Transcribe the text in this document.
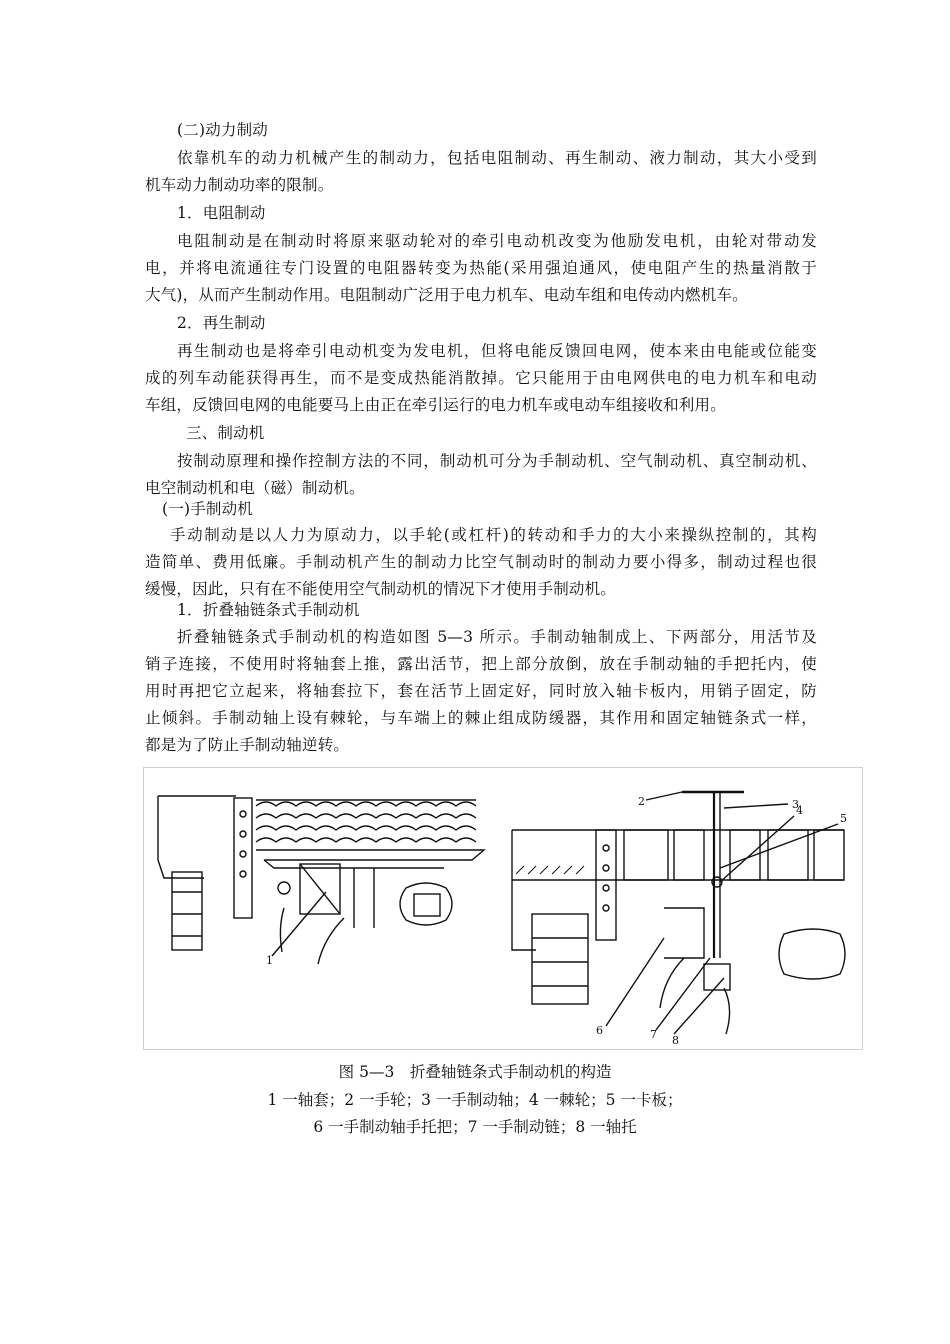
(二)动力制动
依靠机车的动力机械产生的制动力，包括电阻制动、再生制动、液力制动，其大小受到
机车动力制动功率的限制。
1．电阻制动
电阻制动是在制动时将原来驱动轮对的牵引电动机改变为他励发电机，由轮对带动发
电，并将电流通往专门设置的电阻器转变为热能(采用强迫通风，使电阻产生的热量消散于
大气)，从而产生制动作用。电阻制动广泛用于电力机车、电动车组和电传动内燃机车。
2．再生制动
再生制动也是将牵引电动机变为发电机，但将电能反馈回电网，使本来由电能或位能变
成的列车动能获得再生，而不是变成热能消散掉。它只能用于由电网供电的电力机车和电动
车组，反馈回电网的电能要马上由正在牵引运行的电力机车或电动车组接收和利用。
三、制动机
按制动原理和操作控制方法的不同，制动机可分为手制动机、空气制动机、真空制动机、
电空制动机和电（磁）制动机。
(一)手制动机
手动制动是以人力为原动力，以手轮(或杠杆)的转动和手力的大小来操纵控制的，其构
造简单、费用低廉。手制动机产生的制动力比空气制动时的制动力要小得多，制动过程也很
缓慢，因此，只有在不能使用空气制动机的情况下才使用手制动机。
1．折叠轴链条式手制动机
折叠轴链条式手制动机的构造如图 5—3 所示。手制动轴制成上、下两部分，用活节及
销子连接，不使用时将轴套上推，露出活节，把上部分放倒，放在手制动轴的手把托内，使
用时再把它立起来，将轴套拉下，套在活节上固定好，同时放入轴卡板内，用销子固定，防
止倾斜。手制动轴上设有棘轮，与车端上的棘止组成防缓器，其作用和固定轴链条式一样，
都是为了防止手制动轴逆转。
1
2	3
4
5
6	7 8
图 5—3　折叠轴链条式手制动机的构造
1 一轴套；2 一手轮；3 一手制动轴；4 一棘轮；5 一卡板；
6 一手制动轴手托把；7 一手制动链；8 一轴托
